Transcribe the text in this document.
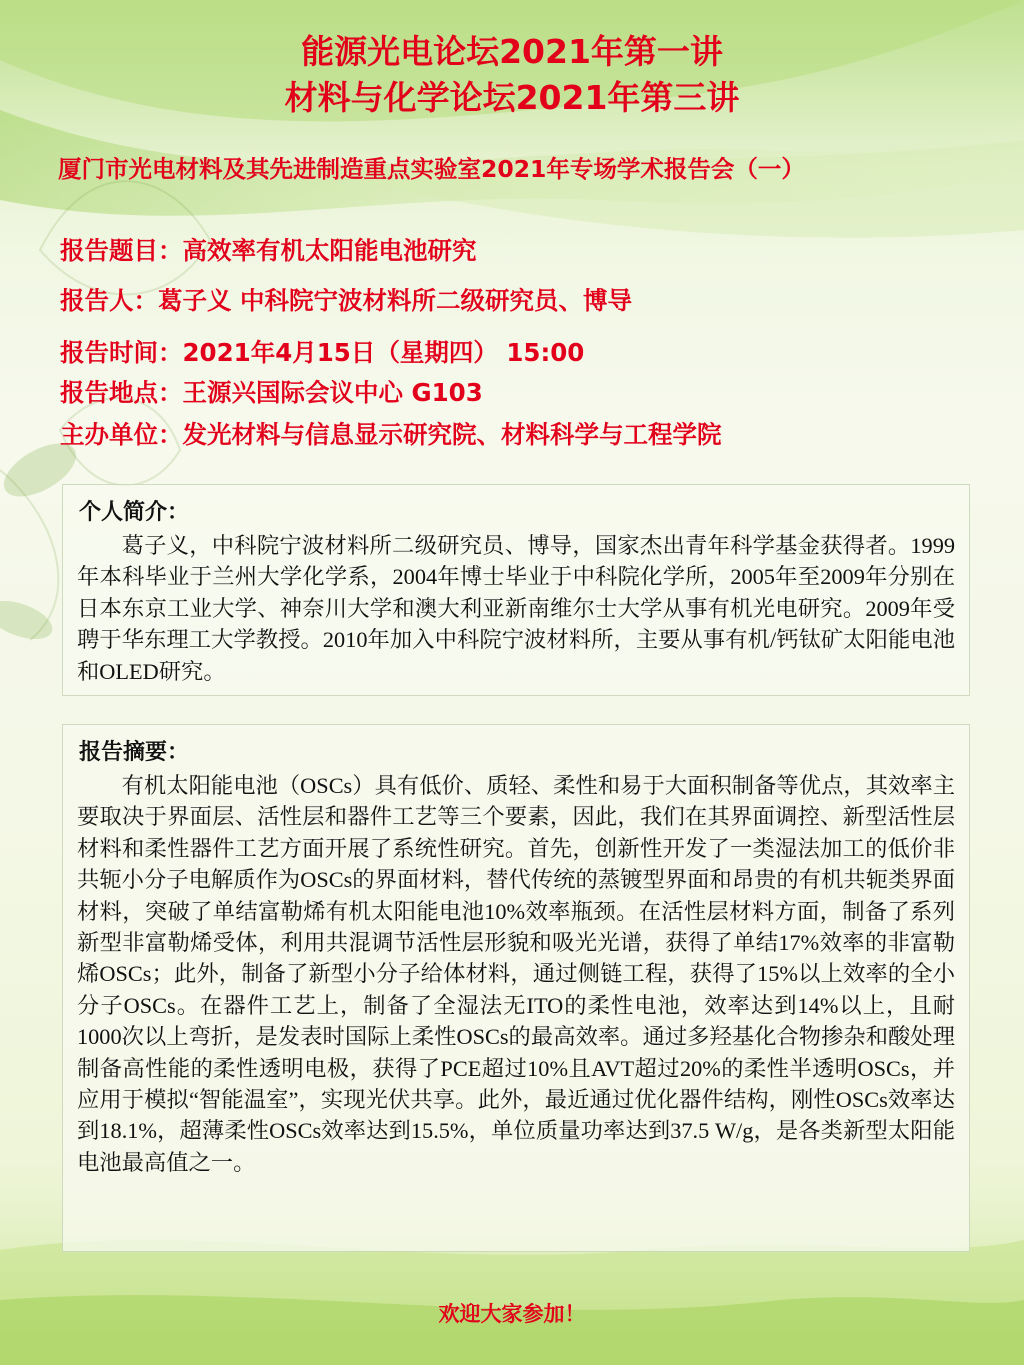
能源光电论坛2021年第一讲
材料与化学论坛2021年第三讲
厦门市光电材料及其先进制造重点实验室2021年专场学术报告会（一）
报告题目：高效率有机太阳能电池研究
报告人：葛子义 中科院宁波材料所二级研究员、博导
报告时间：2021年4月15日（星期四） 15:00
报告地点：王源兴国际会议中心 G103
主办单位：发光材料与信息显示研究院、材料科学与工程学院
个人简介：

葛子义，中科院宁波材料所二级研究员、博导，国家杰出青年科学基金获得者。1999年本科毕业于兰州大学化学系，2004年博士毕业于中科院化学所，2005年至2009年分别在日本东京工业大学、神奈川大学和澳大利亚新南维尔士大学从事有机光电研究。2009年受聘于华东理工大学教授。2010年加入中科院宁波材料所，主要从事有机/钙钛矿太阳能电池和OLED研究。

报告摘要：

有机太阳能电池（OSCs）具有低价、质轻、柔性和易于大面积制备等优点，其效率主要取决于界面层、活性层和器件工艺等三个要素，因此，我们在其界面调控、新型活性层材料和柔性器件工艺方面开展了系统性研究。首先，创新性开发了一类湿法加工的低价非共轭小分子电解质作为OSCs的界面材料，替代传统的蒸镀型界面和昂贵的有机共轭类界面材料，突破了单结富勒烯有机太阳能电池10%效率瓶颈。在活性层材料方面，制备了系列新型非富勒烯受体，利用共混调节活性层形貌和吸光光谱，获得了单结17%效率的非富勒烯OSCs；此外，制备了新型小分子给体材料，通过侧链工程，获得了15%以上效率的全小分子OSCs。在器件工艺上，制备了全湿法无ITO的柔性电池，效率达到14%以上，且耐1000次以上弯折，是发表时国际上柔性OSCs的最高效率。通过多羟基化合物掺杂和酸处理制备高性能的柔性透明电极，获得了PCE超过10%且AVT超过20%的柔性半透明OSCs，并应用于模拟“智能温室”，实现光伏共享。此外，最近通过优化器件结构，刚性OSCs效率达到18.1%，超薄柔性OSCs效率达到15.5%，单位质量功率达到37.5 W/g，是各类新型太阳能电池最高值之一。

欢迎大家参加！
